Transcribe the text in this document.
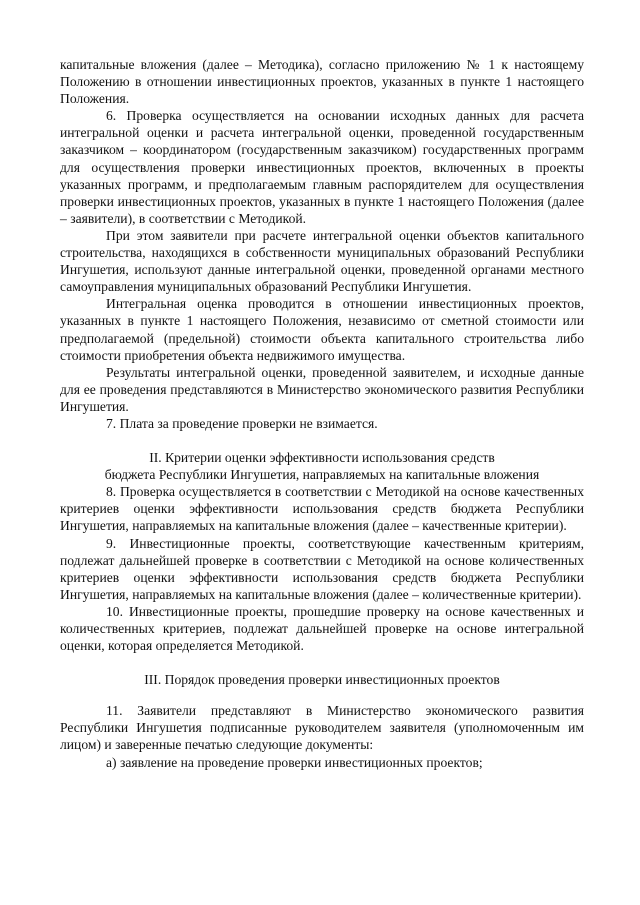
капитальные вложения (далее – Методика), согласно приложению № 1 к настоящему Положению в отношении инвестиционных проектов, указанных в пункте 1 настоящего Положения.

6. Проверка осуществляется на основании исходных данных для расчета интегральной оценки и расчета интегральной оценки, проведенной государственным заказчиком – координатором (государственным заказчиком) государственных программ для осуществления проверки инвестиционных проектов, включенных в проекты указанных программ, и предполагаемым главным распорядителем для осуществления проверки инвестиционных проектов, указанных в пункте 1 настоящего Положения (далее – заявители), в соответствии с Методикой.

При этом заявители при расчете интегральной оценки объектов капитального строительства, находящихся в собственности муниципальных образований Республики Ингушетия, используют данные интегральной оценки, проведенной органами местного самоуправления муниципальных образований Республики Ингушетия.

Интегральная оценка проводится в отношении инвестиционных проектов, указанных в пункте 1 настоящего Положения, независимо от сметной стоимости или предполагаемой (предельной) стоимости объекта капитального строительства либо стоимости приобретения объекта недвижимого имущества.

Результаты интегральной оценки, проведенной заявителем, и исходные данные для ее проведения представляются в Министерство экономического развития Республики Ингушетия.

7. Плата за проведение проверки не взимается.

II. Критерии оценки эффективности использования средств

бюджета Республики Ингушетия, направляемых на капитальные вложения

8. Проверка осуществляется в соответствии с Методикой на основе качественных критериев оценки эффективности использования средств бюджета Республики Ингушетия, направляемых на капитальные вложения (далее – качественные критерии).

9. Инвестиционные проекты, соответствующие качественным критериям, подлежат дальнейшей проверке в соответствии с Методикой на основе количественных критериев оценки эффективности использования средств бюджета Республики Ингушетия, направляемых на капитальные вложения (далее – количественные критерии).

10. Инвестиционные проекты, прошедшие проверку на основе качественных и количественных критериев, подлежат дальнейшей проверке на основе интегральной оценки, которая определяется Методикой.

III. Порядок проведения проверки инвестиционных проектов

11. Заявители представляют в Министерство экономического развития Республики Ингушетия подписанные руководителем заявителя (уполномоченным им лицом) и заверенные печатью следующие документы:

а) заявление на проведение проверки инвестиционных проектов;
